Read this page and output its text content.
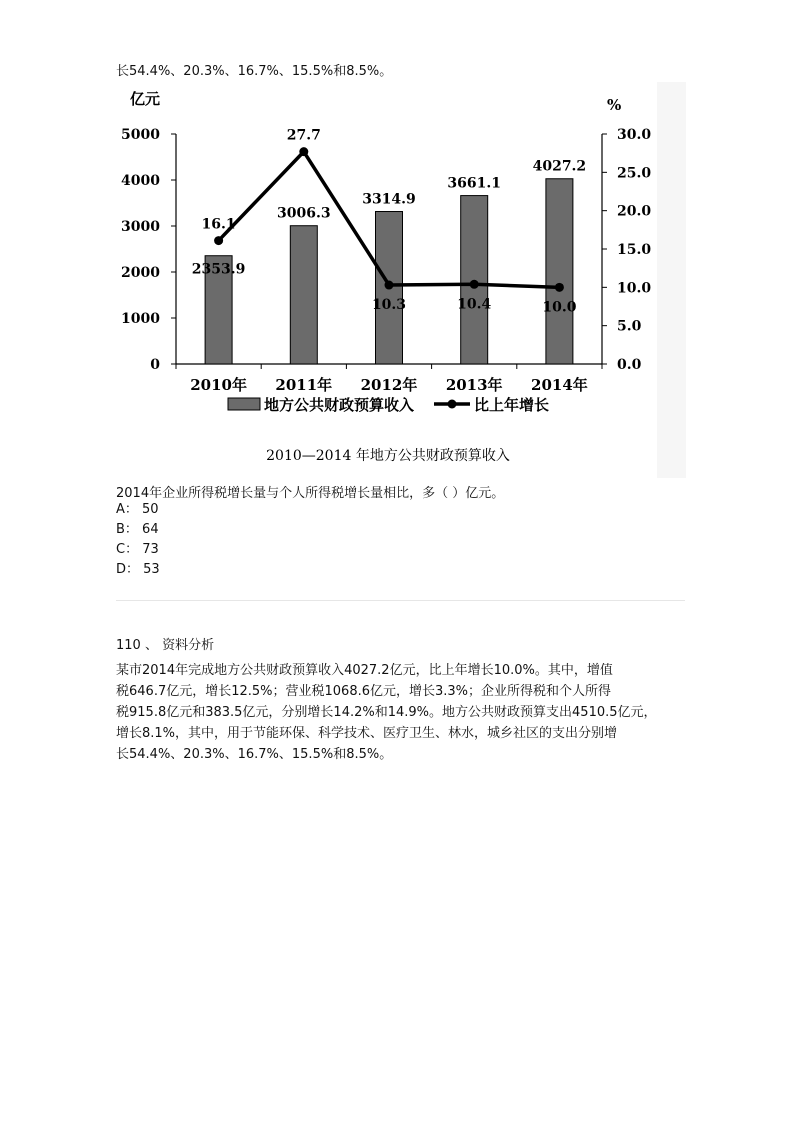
长54.4%、20.3%、16.7%、15.5%和8.5%。
0
1000
2000
3000
4000
5000
0.0
5.0
10.0
15.0
20.0
25.0
30.0
亿元	%
2353.9
3006.3
3314.9
3661.1
4027.2
16.1
27.7
10.3	10.4	10.0
2010年 2011年 2012年 2013年 2014年
地方公共财政预算收入	比上年增长
2010—2014 年地方公共财政预算收入
2014年企业所得税增长量与个人所得税增长量相比，多（ ）亿元。
A： 50
B： 64
C： 73
D： 53
110 、 资料分析
某市2014年完成地方公共财政预算收入4027.2亿元，比上年增长10.0%。其中，增值
税646.7亿元，增长12.5%；营业税1068.6亿元，增长3.3%；企业所得税和个人所得
税915.8亿元和383.5亿元，分别增长14.2%和14.9%。地方公共财政预算支出4510.5亿元，
增长8.1%，其中，用于节能环保、科学技术、医疗卫生、林水，城乡社区的支出分别增
长54.4%、20.3%、16.7%、15.5%和8.5%。
